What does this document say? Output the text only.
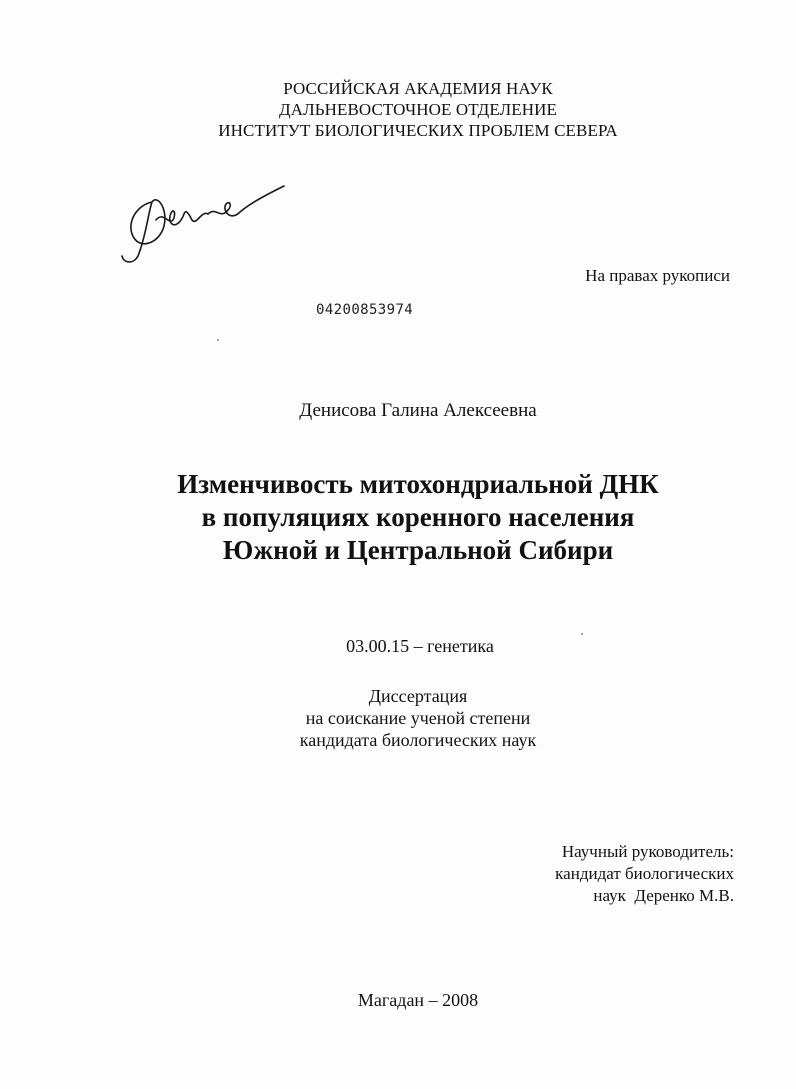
РОССИЙСКАЯ АКАДЕМИЯ НАУК
ДАЛЬНЕВОСТОЧНОЕ ОТДЕЛЕНИЕ
ИНСТИТУТ БИОЛОГИЧЕСКИХ ПРОБЛЕМ СЕВЕРА
На правах рукописи
04200853974
Денисова Галина Алексеевна
Изменчивость митохондриальной ДНК
в популяциях коренного населения
Южной и Центральной Сибири
03.00.15 – генетика
Диссертация
на соискание ученой степени
кандидата биологических наук
Научный руководитель:
кандидат биологических
наук  Деренко М.В.
Магадан – 2008
